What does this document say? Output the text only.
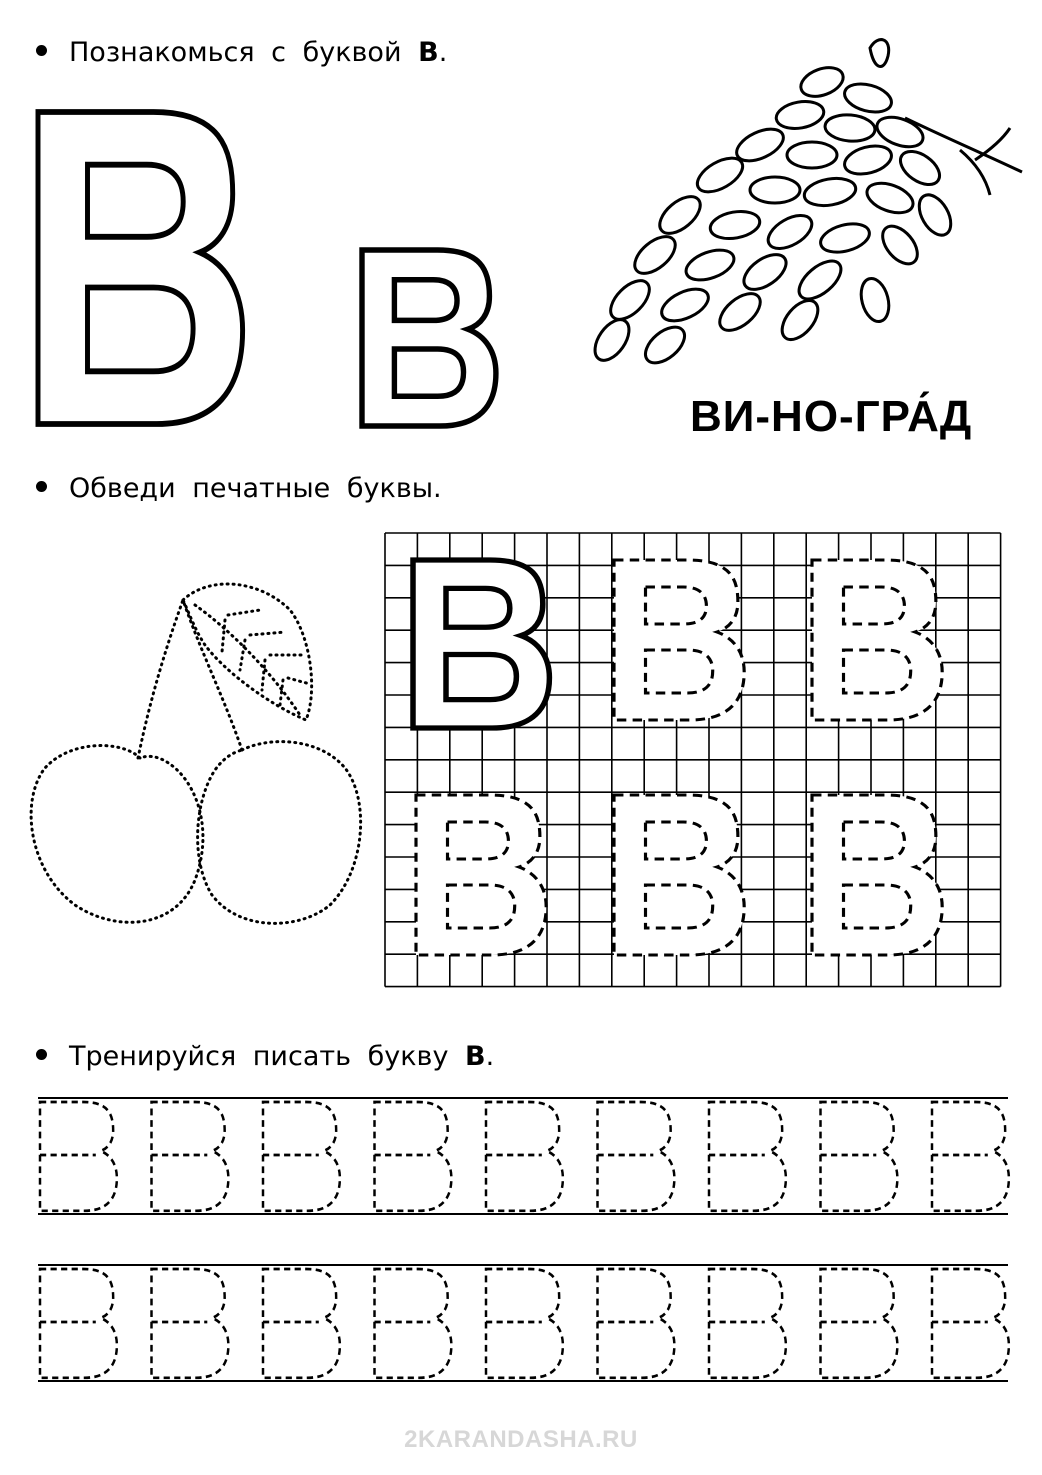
Познакомься с буквой В.
Обведи печатные буквы.
Тренируйся писать букву В.
ВИ-НО-ГРА́Д
2KARANDASHA.RU
